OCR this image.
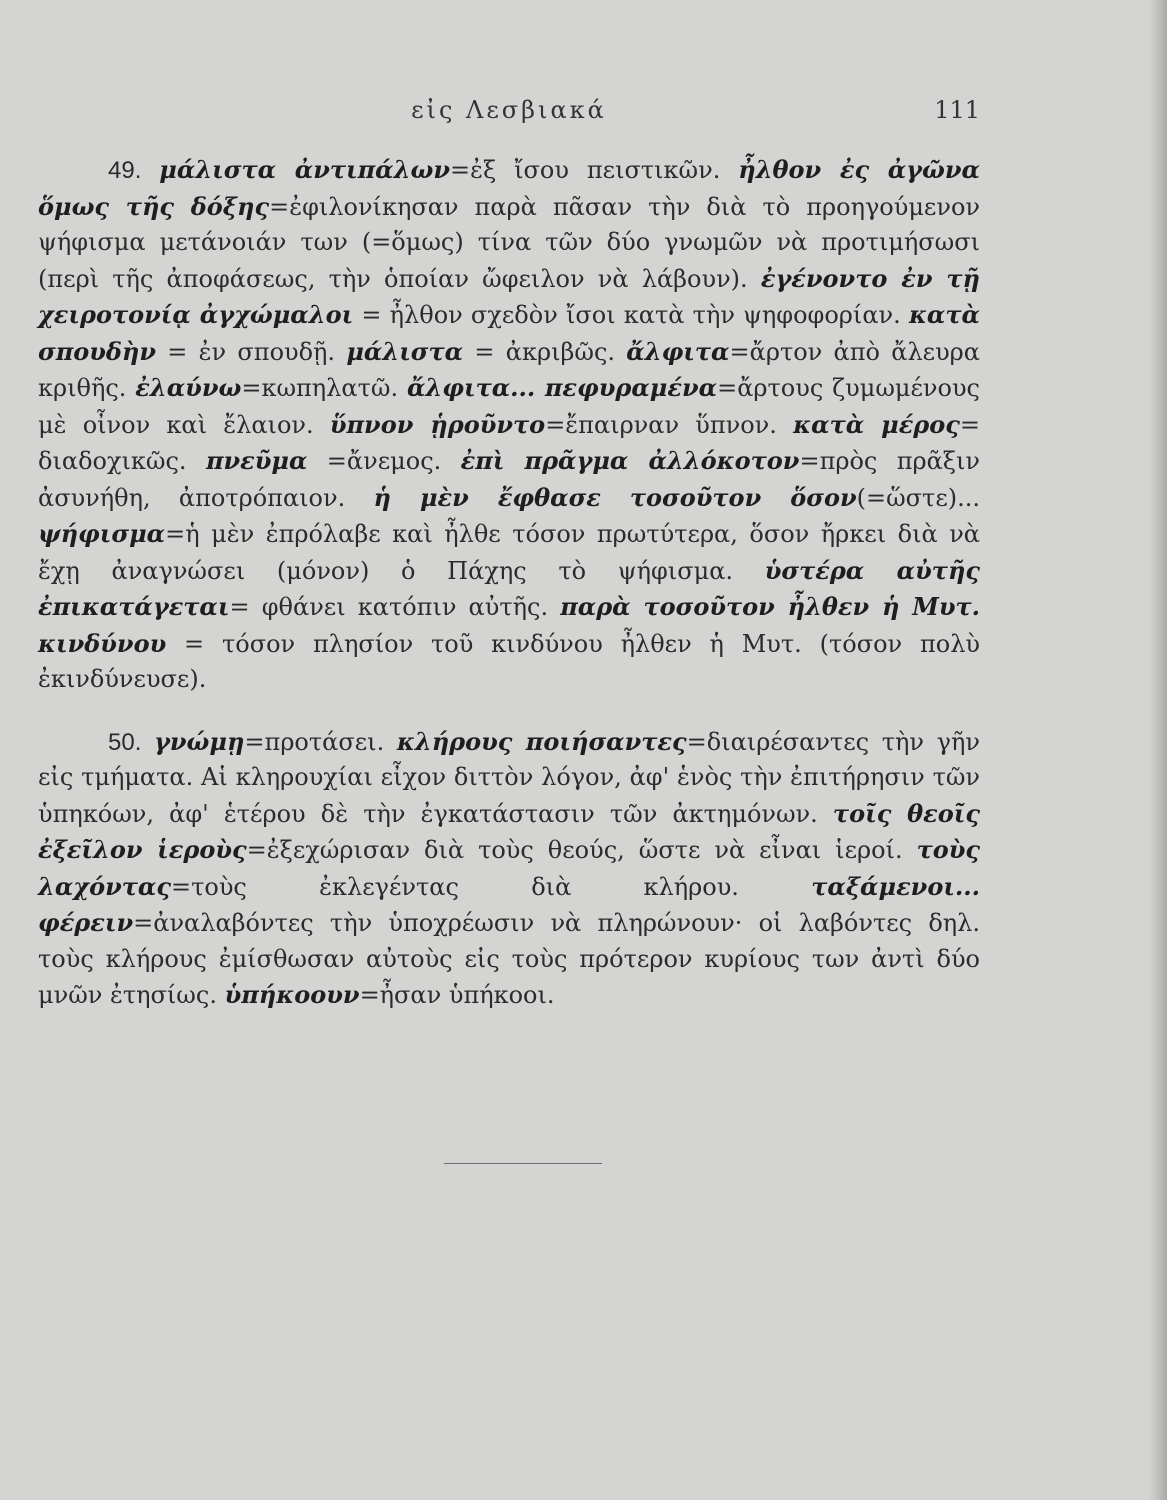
εἰς Λεσβιακά	111

49. μάλιστα ἀντιπάλων=ἐξ ἴσου πειστικῶν. ἦλθον ἐς ἀγῶνα ὅμως τῆς δόξης=ἐφιλονίκησαν παρὰ πᾶσαν τὴν διὰ τὸ προηγούμενον ψήφισμα μετάνοιάν των (=ὅμως) τίνα τῶν δύο γνωμῶν νὰ προτιμήσωσι (περὶ τῆς ἀποφάσεως, τὴν ὁποίαν ὤφειλον νὰ λάβουν). ἐγένοντο ἐν τῇ χειροτονίᾳ ἀγχώμαλοι = ἦλθον σχεδὸν ἴσοι κατὰ τὴν ψηφοφορίαν. κατὰ σπουδὴν = ἐν σπουδῇ. μάλιστα = ἀκριβῶς. ἄλφιτα=ἄρτον ἀπὸ ἄλευρα κριθῆς. ἐλαύνω=κωπηλατῶ. ἄλφιτα... πεφυραμένα=ἄρτους ζυμωμένους μὲ οἶνον καὶ ἔλαιον. ὕπνον ᾑροῦντο=ἔπαιρναν ὕπνον. κατὰ μέρος= διαδοχικῶς. πνεῦμα =ἄνεμος. ἐπὶ πρᾶγμα ἀλλόκοτον=πρὸς πρᾶξιν ἀσυνήθη, ἀποτρόπαιον. ἡ μὲν ἔφθασε τοσοῦτον ὅσον(=ὥστε)... ψήφισμα=ἡ μὲν ἐπρόλαβε καὶ ἦλθε τόσον πρωτύτερα, ὅσον ἤρκει διὰ νὰ ἔχῃ ἀναγνώσει (μόνον) ὁ Πάχης τὸ ψήφισμα. ὑστέρα αὐτῆς ἐπικατάγεται= φθάνει κατόπιν αὐτῆς. παρὰ τοσοῦτον ἦλθεν ἡ Μυτ. κινδύνου = τόσον πλησίον τοῦ κινδύνου ἦλθεν ἡ Μυτ. (τόσον πολὺ ἐκινδύνευσε).

50. γνώμῃ=προτάσει. κλήρους ποιήσαντες=διαιρέσαντες τὴν γῆν εἰς τμήματα. Αἱ κληρουχίαι εἶχον διττὸν λόγον, ἀφ' ἑνὸς τὴν ἐπιτήρησιν τῶν ὑπηκόων, ἀφ' ἑτέρου δὲ τὴν ἐγκατάστασιν τῶν ἀκτημόνων. τοῖς θεοῖς ἐξεῖλον ἱεροὺς=ἐξεχώρισαν διὰ τοὺς θεούς, ὥστε νὰ εἶναι ἱεροί. τοὺς λαχόντας=τοὺς ἐκλεγέντας διὰ κλήρου. ταξάμενοι... φέρειν=ἀναλαβόντες τὴν ὑποχρέωσιν νὰ πληρώνουν· οἱ λαβόντες δηλ. τοὺς κλήρους ἐμίσθωσαν αὐτοὺς εἰς τοὺς πρότερον κυρίους των ἀντὶ δύο μνῶν ἐτησίως. ὑπήκοουν=ἦσαν ὑπήκοοι.
